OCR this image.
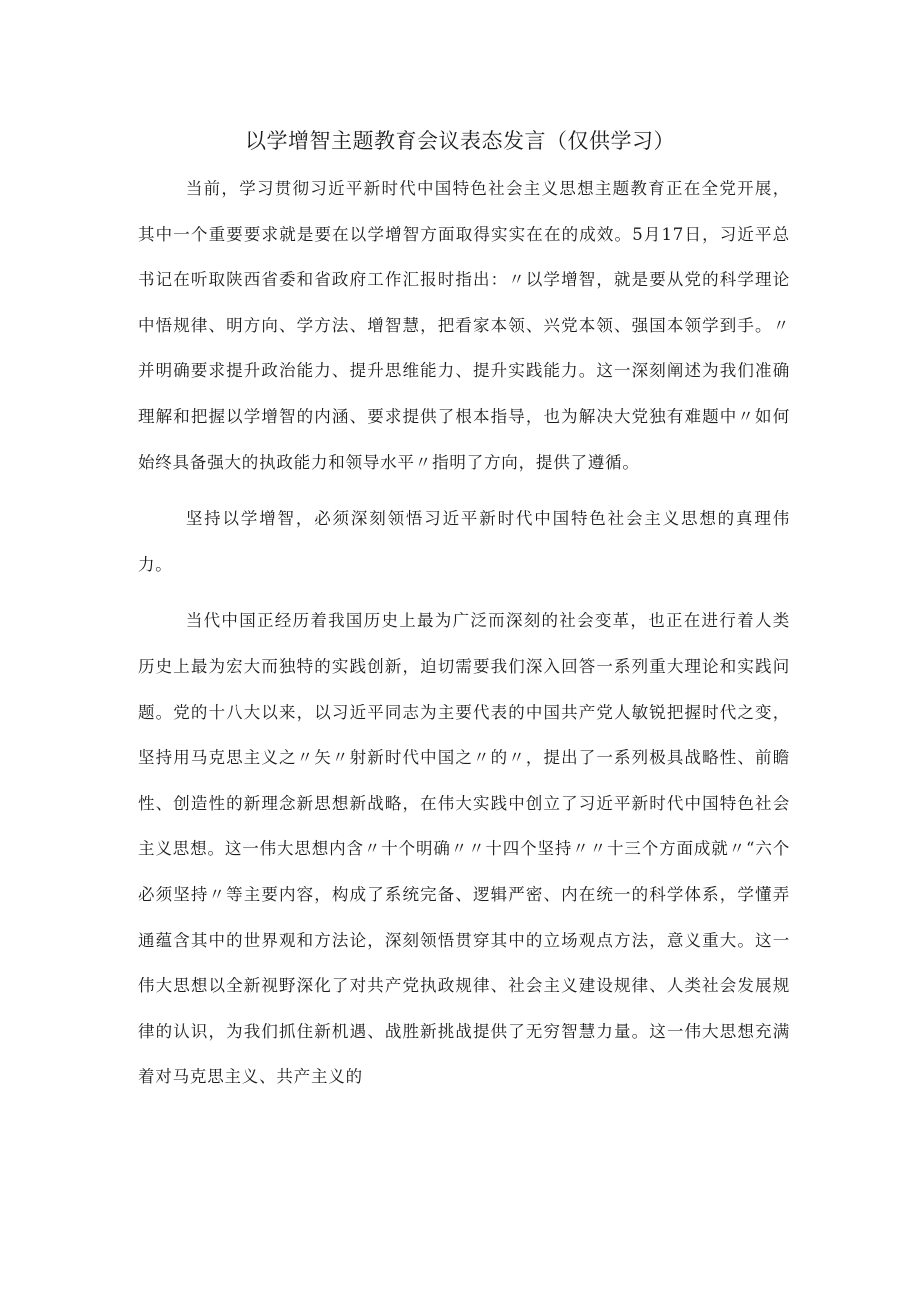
以学增智主题教育会议表态发言（仅供学习）

当前，学习贯彻习近平新时代中国特色社会主义思想主题教育正在全党开展，其中一个重要要求就是要在以学增智方面取得实实在在的成效。5月17日，习近平总书记在听取陕西省委和省政府工作汇报时指出：〃以学增智，就是要从党的科学理论中悟规律、明方向、学方法、增智慧，把看家本领、兴党本领、强国本领学到手。〃并明确要求提升政治能力、提升思维能力、提升实践能力。这一深刻阐述为我们准确理解和把握以学增智的内涵、要求提供了根本指导，也为解决大党独有难题中〃如何始终具备强大的执政能力和领导水平〃指明了方向，提供了遵循。

坚持以学增智，必须深刻领悟习近平新时代中国特色社会主义思想的真理伟力。

当代中国正经历着我国历史上最为广泛而深刻的社会变革，也正在进行着人类历史上最为宏大而独特的实践创新，迫切需要我们深入回答一系列重大理论和实践问题。党的十八大以来，以习近平同志为主要代表的中国共产党人敏锐把握时代之变，坚持用马克思主义之〃矢〃射新时代中国之〃的〃，提出了一系列极具战略性、前瞻性、创造性的新理念新思想新战略，在伟大实践中创立了习近平新时代中国特色社会主义思想。这一伟大思想内含〃十个明确〃〃十四个坚持〃〃十三个方面成就〃“六个必须坚持〃等主要内容，构成了系统完备、逻辑严密、内在统一的科学体系，学懂弄通蕴含其中的世界观和方法论，深刻领悟贯穿其中的立场观点方法，意义重大。这一伟大思想以全新视野深化了对共产党执政规律、社会主义建设规律、人类社会发展规律的认识，为我们抓住新机遇、战胜新挑战提供了无穷智慧力量。这一伟大思想充满着对马克思主义、共产主义的
